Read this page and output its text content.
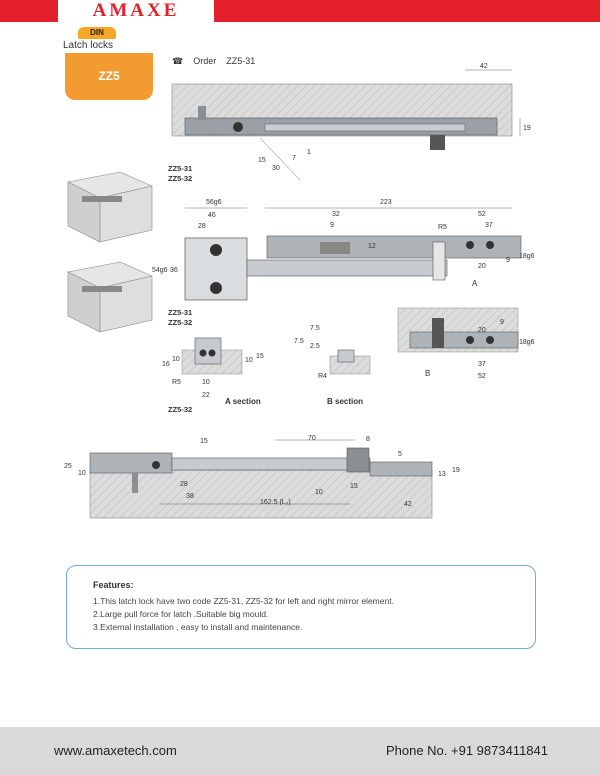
AMAXE
DIN
Latch locks
ZZ5
☎ Order ZZ5-31
42
19
15	7
1
30
ZZ5-31
ZZ5-32
56g6
46
28
223
32
9
52
37
R5
12
54g6 36
20
9
18g6
A
ZZ5-31
ZZ5-32	9
20
18g6
37
52
B
16
10	10
15
R5	10
22
A section
ZZ5-32
7.5
7.5
2.5
R4
B section
15	70	8
5
25
10
28
38
162.5 (L₂)
10
15
13
19
42
Features:
1.This latch lock have two code ZZ5-31, ZZ5-32 for left and right mirror element.
2.Large pull force for latch .Suitable big mould.
3.External installation , easy to install and maintenance.
www.amaxetech.com	Phone No. +91 9873411841
